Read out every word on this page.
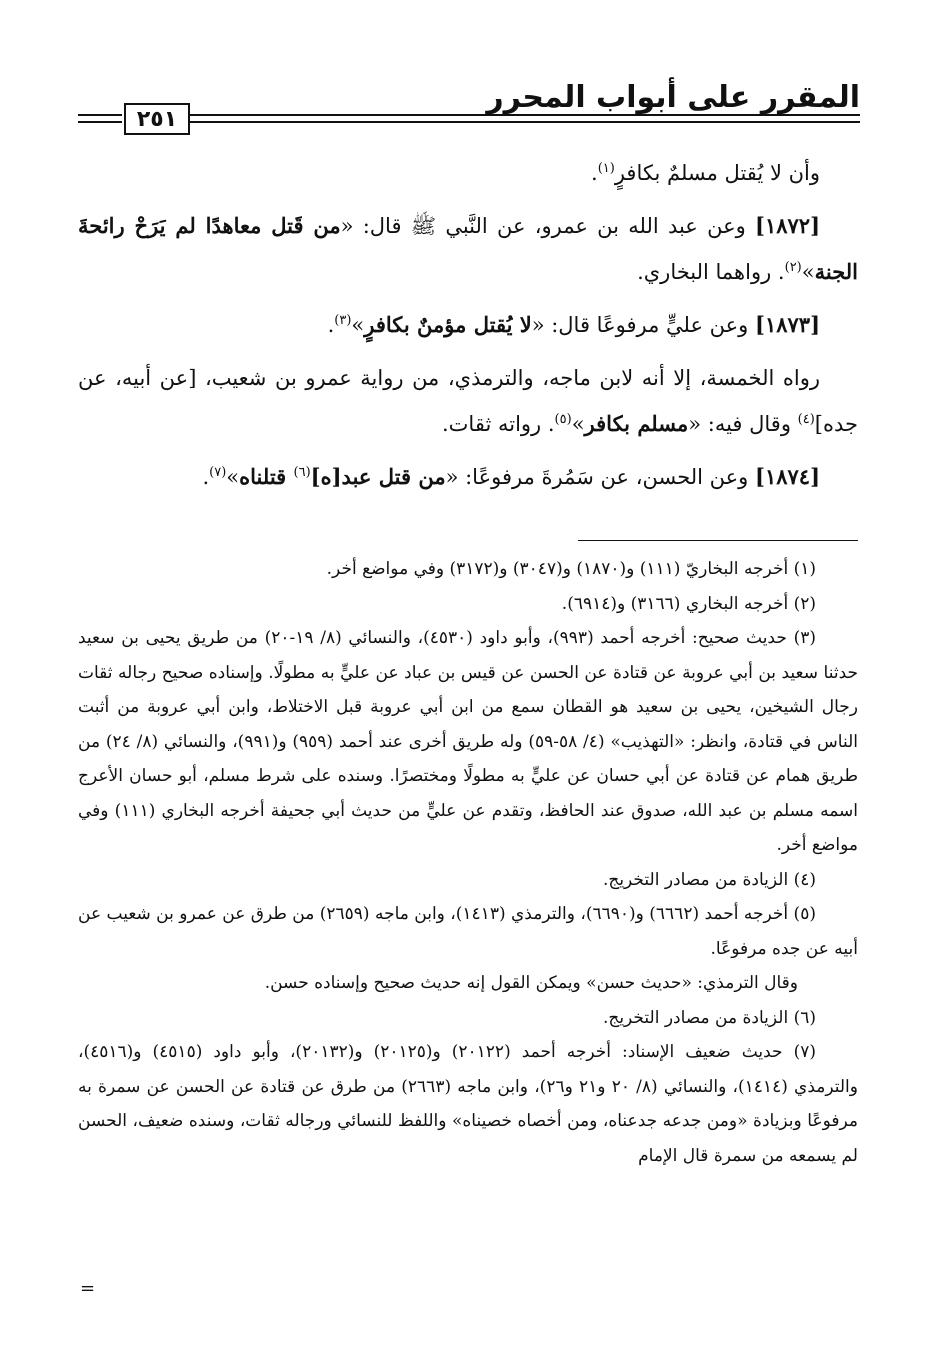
المقرر على أبواب المحرر
٢٥١

وأن لا يُقتل مسلمٌ بكافرٍ$^{(١)}$.

[١٨٧٢] وعن عبد الله بن عمرو، عن النَّبي ﷺ قال: «من قَتل معاهدًا لم يَرَحْ رائحةَ الجنة»$^{(٢)}$. رواهما البخاري.

[١٨٧٣] وعن عليٍّ مرفوعًا قال: «لا يُقتل مؤمنٌ بكافرٍ»$^{(٣)}$.

رواه الخمسة، إلا أنه لابن ماجه، والترمذي، من رواية عمرو بن شعيب، [عن أبيه، عن جده]$^{(٤)}$ وقال فيه: «مسلم بكافر»$^{(٥)}$. رواته ثقات.

[١٨٧٤] وعن الحسن، عن سَمُرةَ مرفوعًا: «من قتل عبد[ه]$^{(٦)}$ قتلناه»$^{(٧)}$.

(١) أخرجه البخاريّ (١١١) و(١٨٧٠) و(٣٠٤٧) و(٣١٧٢) وفي مواضع أخر.

(٢) أخرجه البخاري (٣١٦٦) و(٦٩١٤).

(٣) حديث صحيح: أخرجه أحمد (٩٩٣)، وأبو داود (٤٥٣٠)، والنسائي (٨/ ١٩-٢٠) من طريق يحيى بن سعيد حدثنا سعيد بن أبي عروبة عن قتادة عن الحسن عن قيس بن عباد عن عليٍّ به مطولًا. وإسناده صحيح رجاله ثقات رجال الشيخين، يحيى بن سعيد هو القطان سمع من ابن أبي عروبة قبل الاختلاط، وابن أبي عروبة من أثبت الناس في قتادة، وانظر: «التهذيب» (٤/ ٥٨-٥٩) وله طريق أخرى عند أحمد (٩٥٩) و(٩٩١)، والنسائي (٨/ ٢٤) من طريق همام عن قتادة عن أبي حسان عن عليٍّ به مطولًا ومختصرًا. وسنده على شرط مسلم، أبو حسان الأعرج اسمه مسلم بن عبد الله، صدوق عند الحافظ، وتقدم عن عليٍّ من حديث أبي جحيفة أخرجه البخاري (١١١) وفي مواضع أخر.

(٤) الزيادة من مصادر التخريج.

(٥) أخرجه أحمد (٦٦٦٢) و(٦٦٩٠)، والترمذي (١٤١٣)، وابن ماجه (٢٦٥٩) من طرق عن عمرو بن شعيب عن أبيه عن جده مرفوعًا.

وقال الترمذي: «حديث حسن» ويمكن القول إنه حديث صحيح وإسناده حسن.

(٦) الزيادة من مصادر التخريج.

(٧) حديث ضعيف الإسناد: أخرجه أحمد (٢٠١٢٢) و(٢٠١٢٥) و(٢٠١٣٢)، وأبو داود (٤٥١٥) و(٤٥١٦)، والترمذي (١٤١٤)، والنسائي (٨/ ٢٠ و٢١ و٢٦)، وابن ماجه (٢٦٦٣) من طرق عن قتادة عن الحسن عن سمرة به مرفوعًا وبزيادة «ومن جدعه جدعناه، ومن أخصاه خصيناه» واللفظ للنسائي ورجاله ثقات، وسنده ضعيف، الحسن لم يسمعه من سمرة قال الإمام

=
